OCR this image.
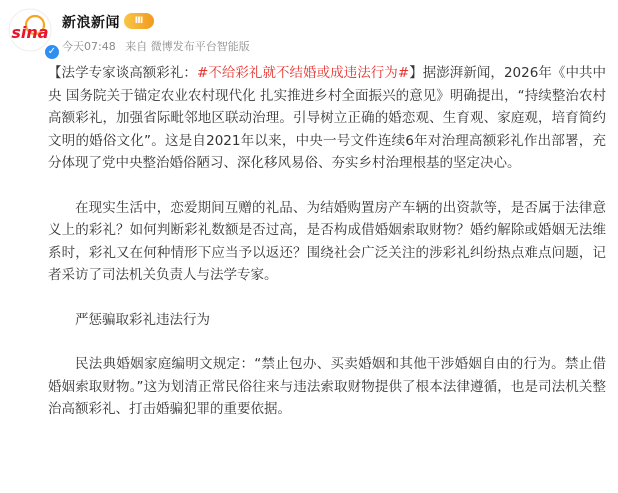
sina
✓
新浪新闻	Ⅲ
今天07:48 来自 微博发布平台智能版

【法学专家谈高额彩礼：#不给彩礼就不结婚或成违法行为#】据澎湃新闻，2026年《中共中央 国务院关于锚定农业农村现代化 扎实推进乡村全面振兴的意见》明确提出，“持续整治农村高额彩礼，加强省际毗邻地区联动治理。引导树立正确的婚恋观、生育观、家庭观，培育简约文明的婚俗文化”。这是自2021年以来，中央一号文件连续6年对治理高额彩礼作出部署，充分体现了党中央整治婚俗陋习、深化移风易俗、夯实乡村治理根基的坚定决心。

在现实生活中，恋爱期间互赠的礼品、为结婚购置房产车辆的出资款等，是否属于法律意义上的彩礼？如何判断彩礼数额是否过高，是否构成借婚姻索取财物？婚约解除或婚姻无法维系时，彩礼又在何种情形下应当予以返还？围绕社会广泛关注的涉彩礼纠纷热点难点问题，记者采访了司法机关负责人与法学专家。

严惩骗取彩礼违法行为

民法典婚姻家庭编明文规定：“禁止包办、买卖婚姻和其他干涉婚姻自由的行为。禁止借婚姻索取财物。”这为划清正常民俗往来与违法索取财物提供了根本法律遵循，也是司法机关整治高额彩礼、打击婚骗犯罪的重要依据。
